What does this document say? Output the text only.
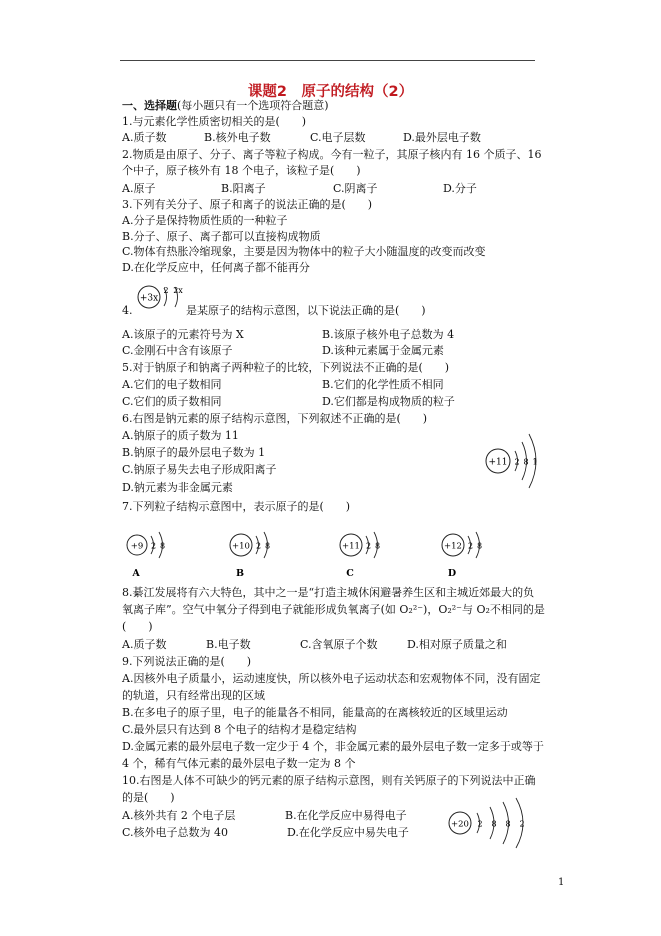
课题2　原子的结构（2）
一、选择题(每小题只有一个选项符合题意)
1.与元素化学性质密切相关的是(　　)
A.质子数	B.核外电子数	C.电子层数	D.最外层电子数
2.物质是由原子、分子、离子等粒子构成。今有一粒子，其原子核内有 16 个质子、16
个中子，原子核外有 18 个电子，该粒子是(　　)
A.原子	B.阳离子	C.阴离子	D.分子
3.下列有关分子、原子和离子的说法正确的是(　　)
A.分子是保持物质性质的一种粒子
B.分子、原子、离子都可以直接构成物质
C.物体有热胀冷缩现象，主要是因为物体中的粒子大小随温度的改变而改变
D.在化学反应中，任何离子都不能再分
+3x
2 2x
4.	是某原子的结构示意图，以下说法正确的是(　　)
A.该原子的元素符号为 X	B.该原子核外电子总数为 4
C.金刚石中含有该原子	D.该种元素属于金属元素
5.对于钠原子和钠离子两种粒子的比较，下列说法不正确的是(　　)
A.它们的电子数相同	B.它们的化学性质不相同
C.它们的质子数相同	D.它们都是构成物质的粒子
6.右图是钠元素的原子结构示意图，下列叙述不正确的是(　　)
A.钠原子的质子数为 11
B.钠原子的最外层电子数为 1
C.钠原子易失去电子形成阳离子
D.钠元素为非金属元素
+11 2 8 1
7.下列粒子结构示意图中，表示原子的是(　　)
+9 2 8
A
+10 2 8
B
+11 2 8
C
+12 2 8
D
8.綦江发展将有六大特色，其中之一是“打造主城休闲避暑养生区和主城近郊最大的负
氧离子库”。空气中氧分子得到电子就能形成负氧离子(如 O₂²⁻)，O₂²⁻与 O₂不相同的是
(　　)
A.质子数	B.电子数	C.含氧原子个数	D.相对原子质量之和
9.下列说法正确的是(　　)
A.因核外电子质量小，运动速度快，所以核外电子运动状态和宏观物体不同，没有固定
的轨道，只有经常出现的区域
B.在多电子的原子里，电子的能量各不相同，能量高的在离核较近的区域里运动
C.最外层只有达到 8 个电子的结构才是稳定结构
D.金属元素的最外层电子数一定少于 4 个，非金属元素的最外层电子数一定多于或等于
4 个，稀有气体元素的最外层电子数一定为 8 个
10.右图是人体不可缺少的钙元素的原子结构示意图，则有关钙原子的下列说法中正确
的是(　　)
A.核外共有 2 个电子层	B.在化学反应中易得电子
C.核外电子总数为 40	D.在化学反应中易失电子
+20 2 8 8 2
1
